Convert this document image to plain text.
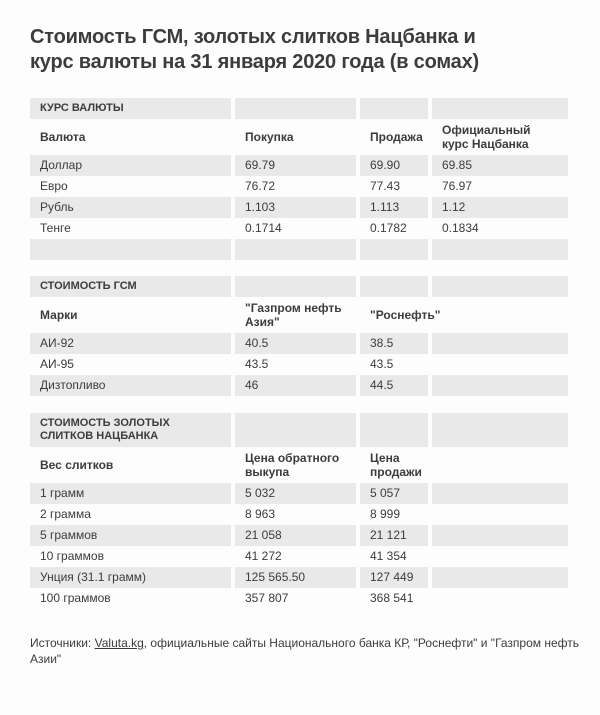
Стоимость ГСМ, золотых слитков Нацбанка и
курс валюты на 31 января 2020 года (в сомах)
КУРС ВАЛЮТЫ			
Валюта	Покупка	Продажа	Официальный курс Нацбанка
Доллар	69.79	69.90	69.85
Евро	76.72	77.43	76.97
Рубль	1.103	1.113	1.12
Тенге	0.1714	0.1782	0.1834

СТОИМОСТЬ ГСМ			
Марки	"Газпром нефть Азия"	"Роснефть"	
АИ-92	40.5	38.5	
АИ-95	43.5	43.5	
Дизтопливо	46	44.5	
СТОИМОСТЬ ЗОЛОТЫХ СЛИТКОВ НАЦБАНКА			
Вес слитков	Цена обратного выкупа	Цена продажи	
1 грамм	5 032	5 057	
2 грамма	8 963	8 999	
5 граммов	21 058	21 121	
10 граммов	41 272	41 354	
Унция (31.1 грамм)	125 565.50	127 449	
100 граммов	357 807	368 541	
Источники: Valuta.kg, официальные сайты Национального банка КР, "Роснефти" и "Газпром нефть Азии"
